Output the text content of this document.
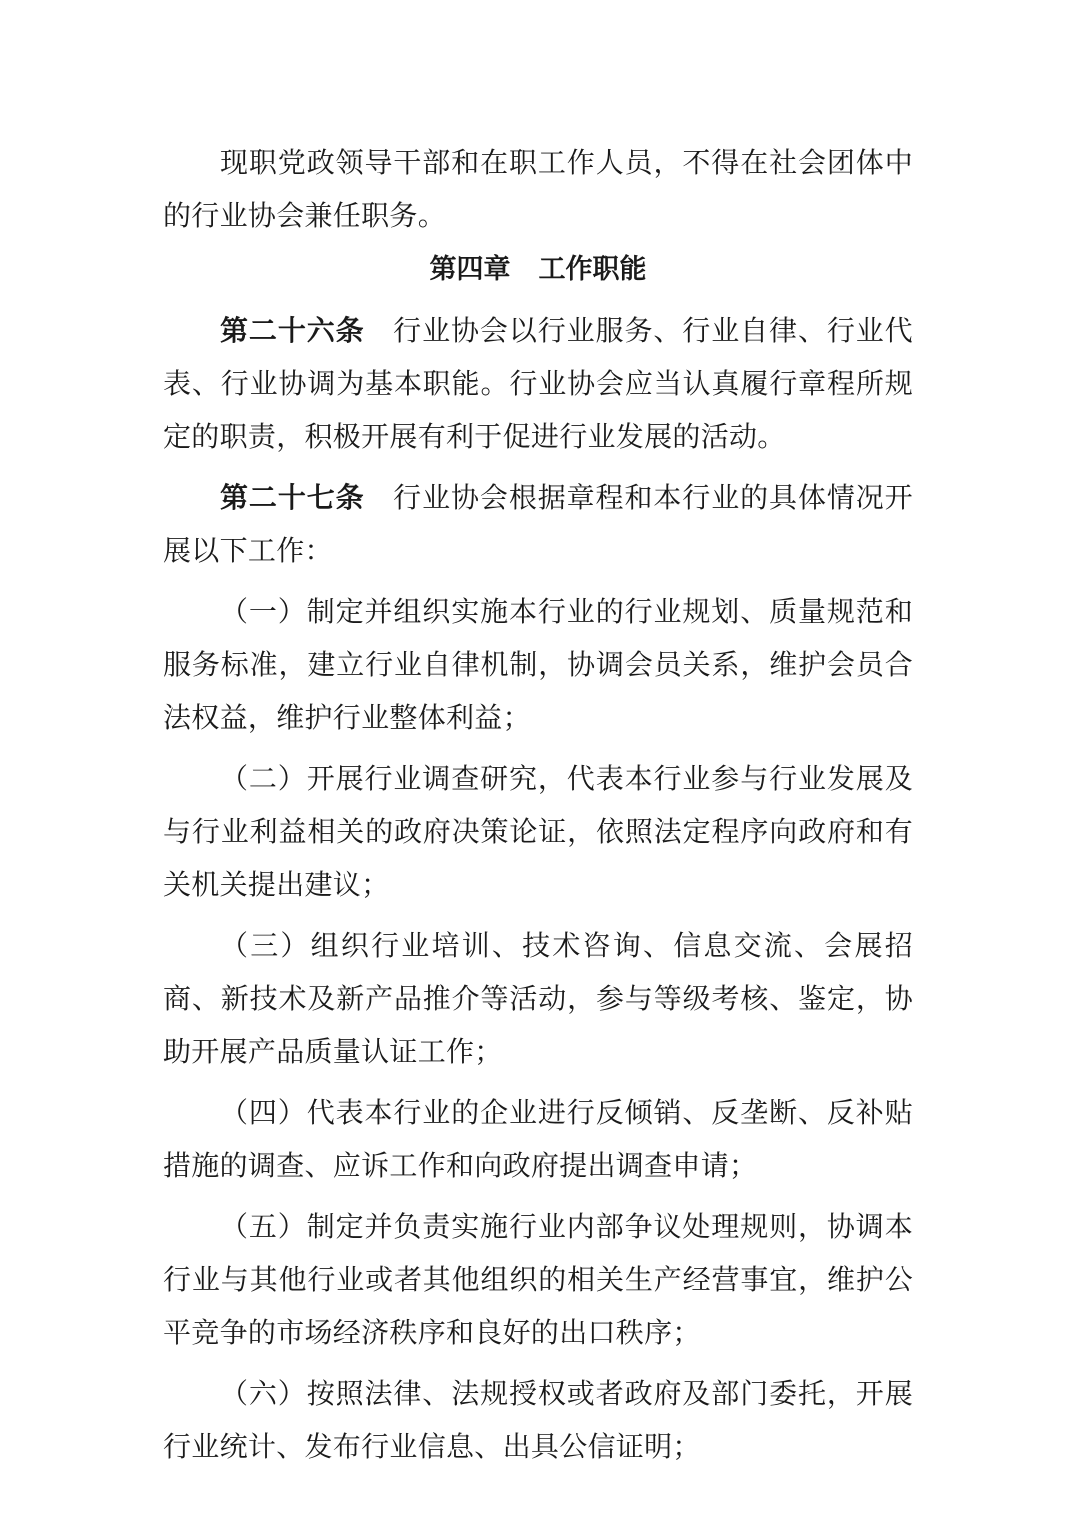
现职党政领导干部和在职工作人员，不得在社会团体中的行业协会兼任职务。

第四章 工作职能

第二十六条 行业协会以行业服务、行业自律、行业代表、行业协调为基本职能。行业协会应当认真履行章程所规定的职责，积极开展有利于促进行业发展的活动。

第二十七条 行业协会根据章程和本行业的具体情况开展以下工作：

（一）制定并组织实施本行业的行业规划、质量规范和服务标准，建立行业自律机制，协调会员关系，维护会员合法权益，维护行业整体利益；

（二）开展行业调查研究，代表本行业参与行业发展及与行业利益相关的政府决策论证，依照法定程序向政府和有关机关提出建议；

（三）组织行业培训、技术咨询、信息交流、会展招商、新技术及新产品推介等活动，参与等级考核、鉴定，协助开展产品质量认证工作；

（四）代表本行业的企业进行反倾销、反垄断、反补贴措施的调查、应诉工作和向政府提出调查申请；

（五）制定并负责实施行业内部争议处理规则，协调本行业与其他行业或者其他组织的相关生产经营事宜，维护公平竞争的市场经济秩序和良好的出口秩序；

（六）按照法律、法规授权或者政府及部门委托，开展行业统计、发布行业信息、出具公信证明；
